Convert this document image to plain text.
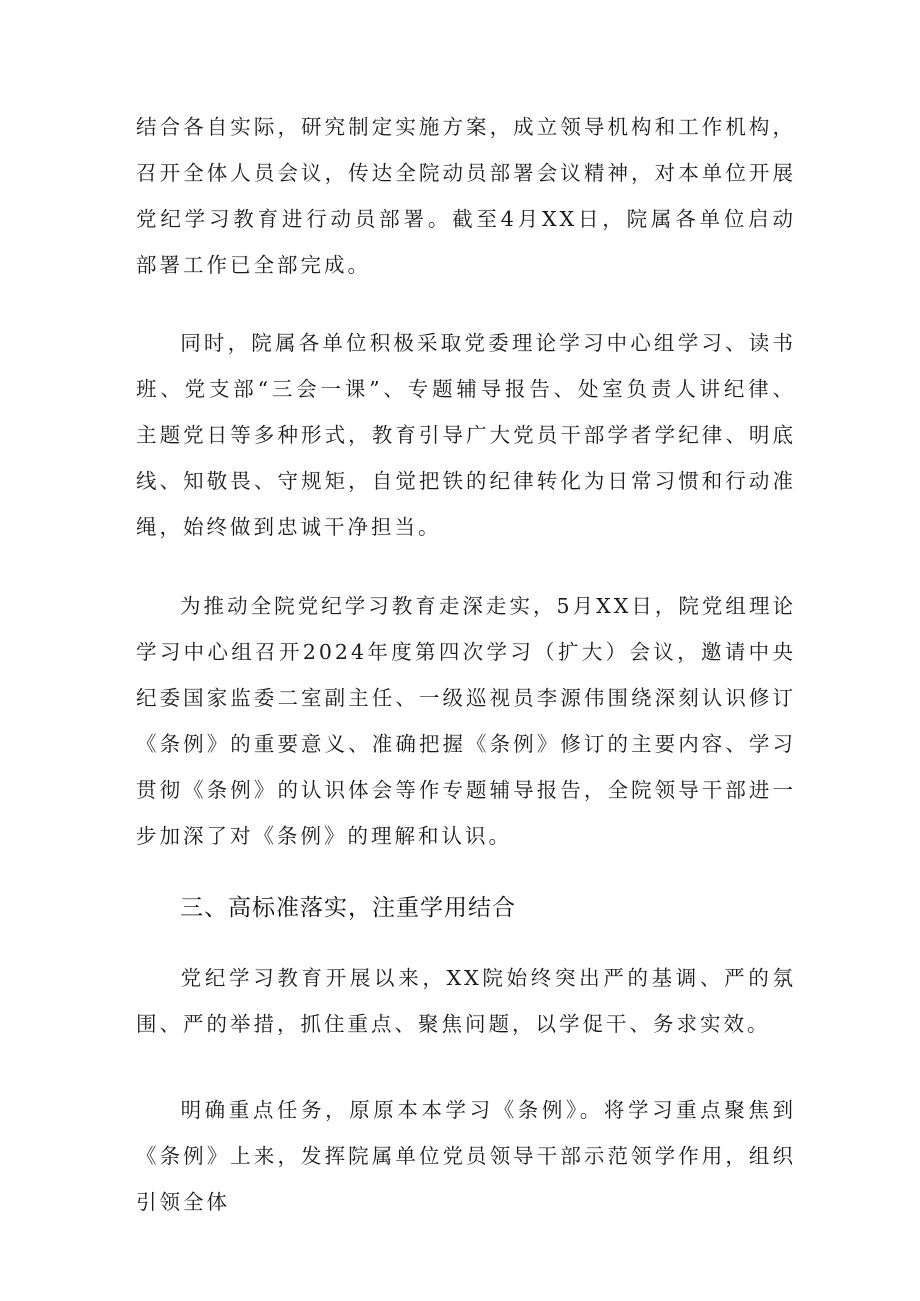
结合各自实际，研究制定实施方案，成立领导机构和工作机构，召开全体人员会议，传达全院动员部署会议精神，对本单位开展党纪学习教育进行动员部署。截至4月XX日，院属各单位启动部署工作已全部完成。

同时，院属各单位积极采取党委理论学习中心组学习、读书班、党支部“三会一课”、专题辅导报告、处室负责人讲纪律、主题党日等多种形式，教育引导广大党员干部学者学纪律、明底线、知敬畏、守规矩，自觉把铁的纪律转化为日常习惯和行动准绳，始终做到忠诚干净担当。

为推动全院党纪学习教育走深走实，5月XX日，院党组理论学习中心组召开2024年度第四次学习（扩大）会议，邀请中央纪委国家监委二室副主任、一级巡视员李源伟围绕深刻认识修订《条例》的重要意义、准确把握《条例》修订的主要内容、学习贯彻《条例》的认识体会等作专题辅导报告，全院领导干部进一步加深了对《条例》的理解和认识。

三、高标准落实，注重学用结合

党纪学习教育开展以来，XX院始终突出严的基调、严的氛围、严的举措，抓住重点、聚焦问题，以学促干、务求实效。

明确重点任务，原原本本学习《条例》。将学习重点聚焦到《条例》上来，发挥院属单位党员领导干部示范领学作用，组织引领全体
